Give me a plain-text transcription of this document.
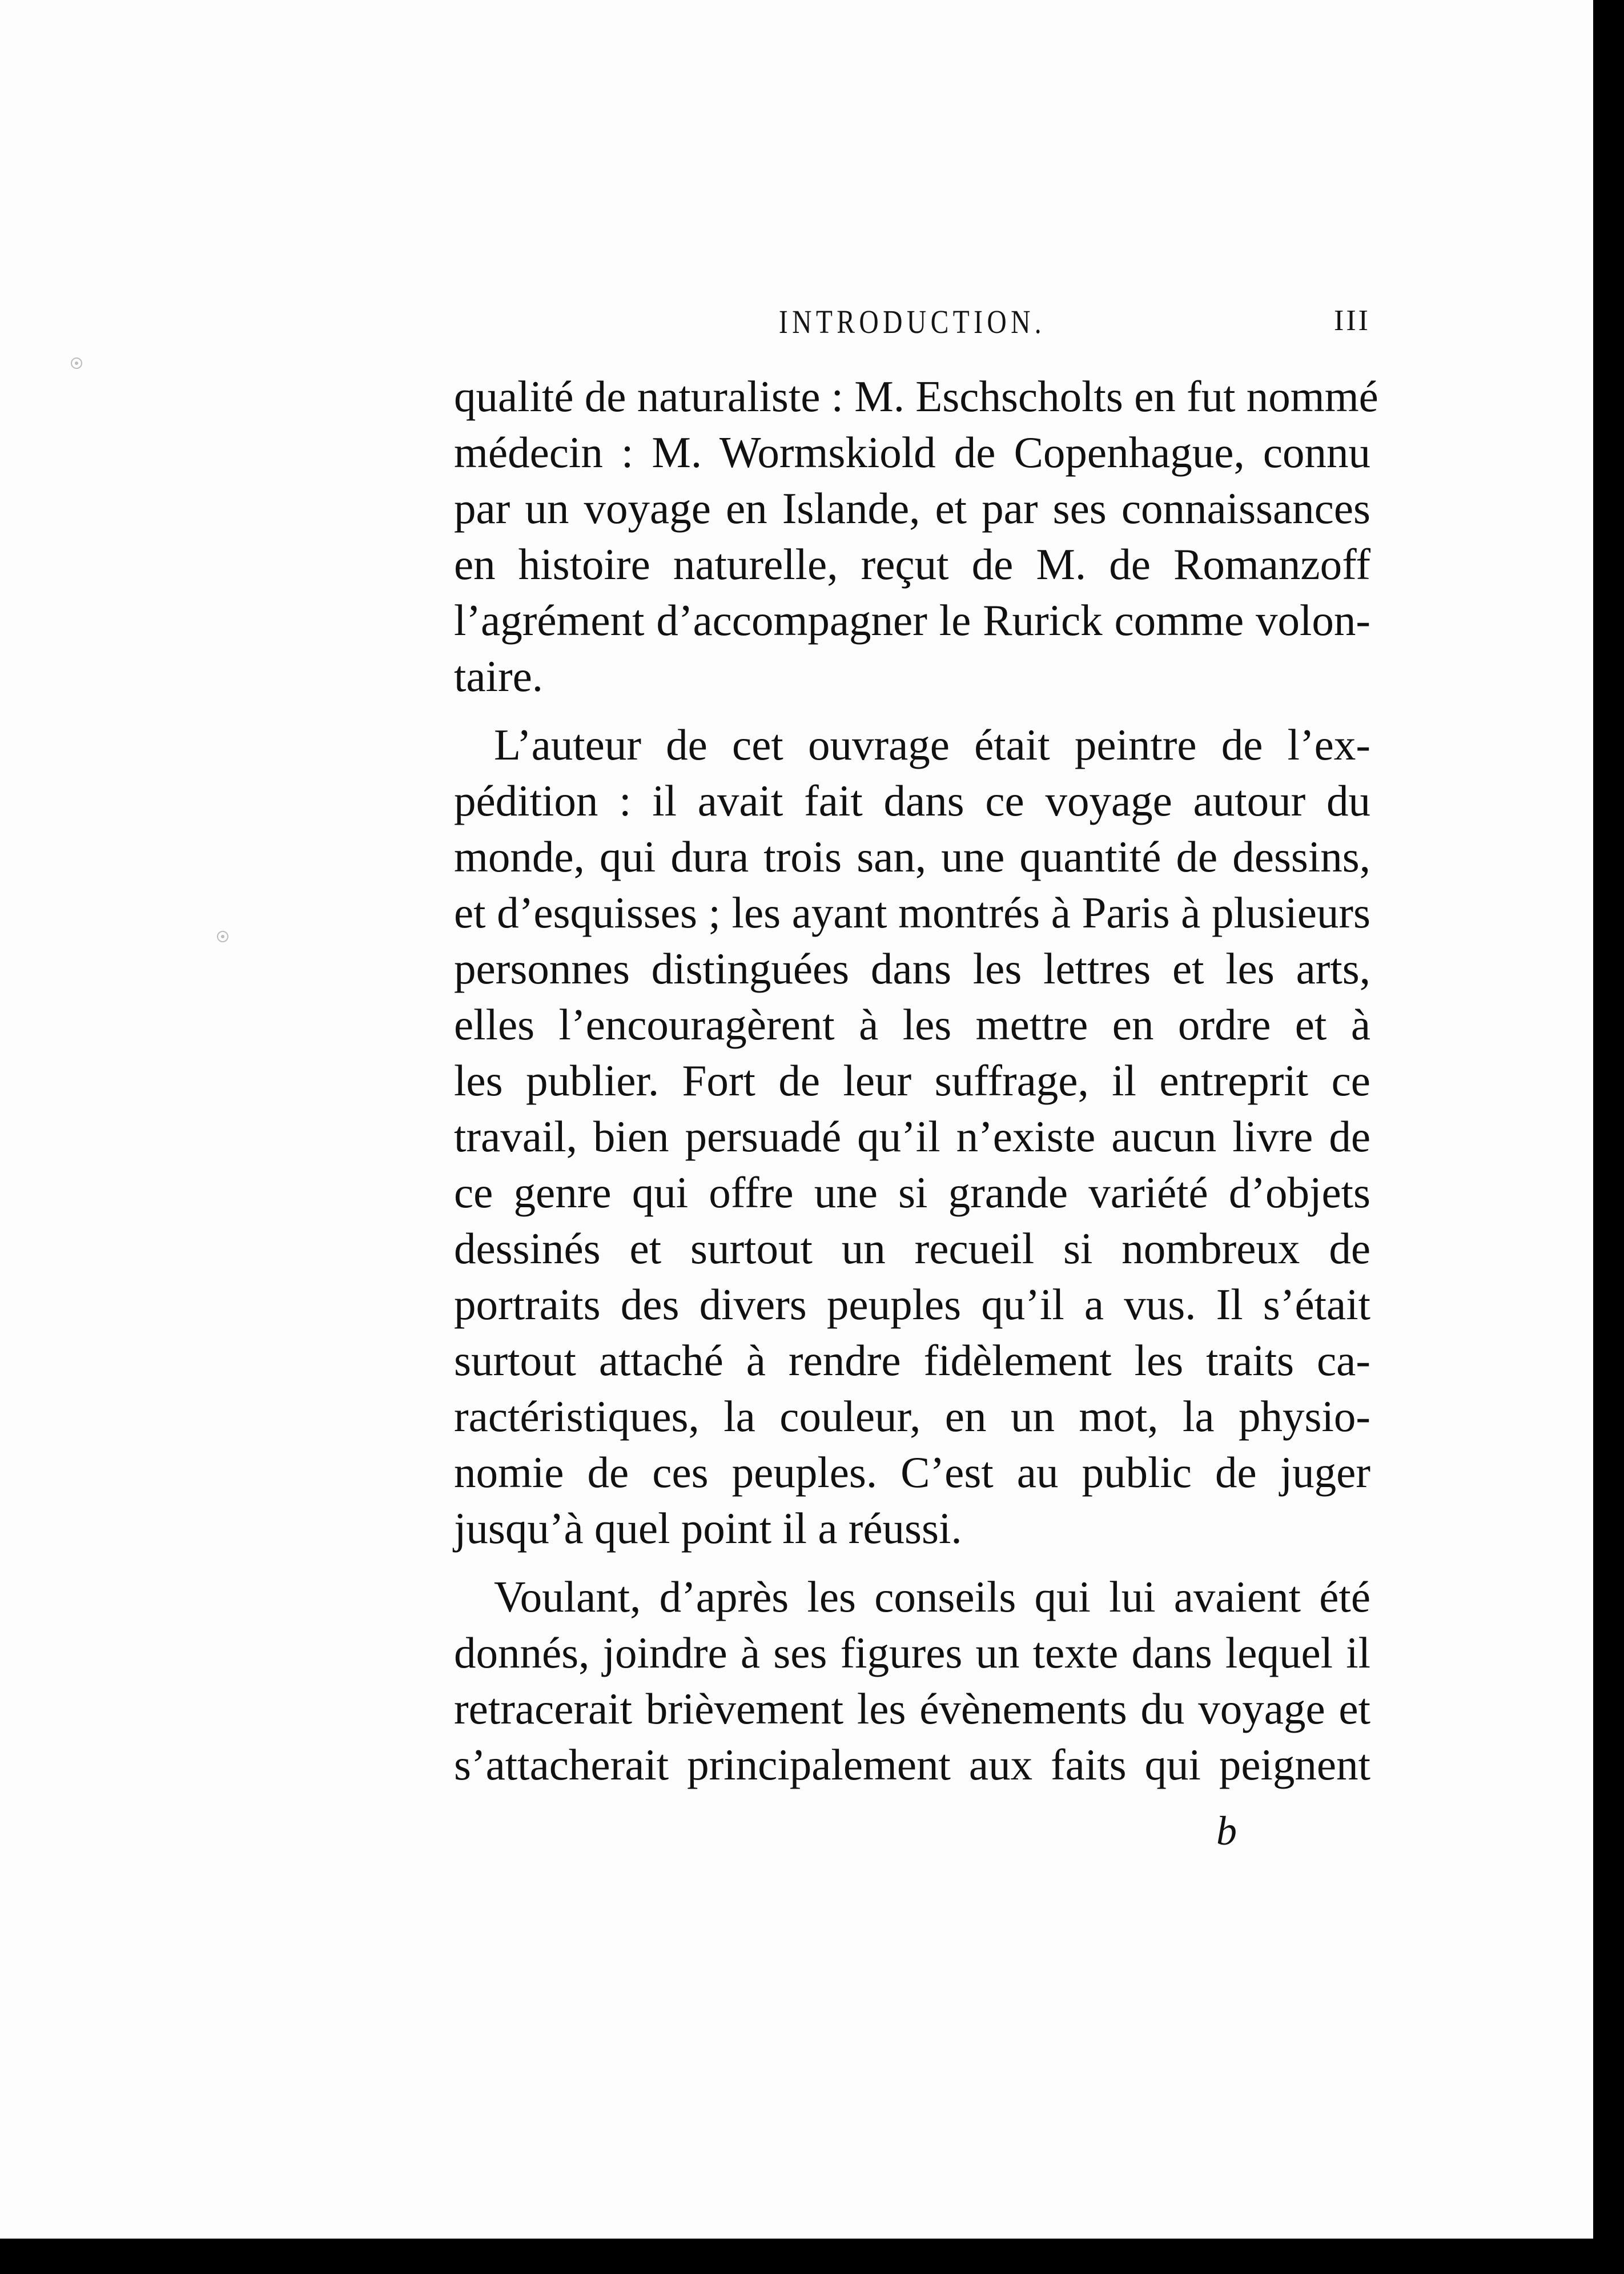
INTRODUCTION.	III
qualité de naturaliste : M. Eschscholts en fut nommé
médecin : M. Wormskiold de Copenhague, connu
par un voyage en Islande, et par ses connaissances
en histoire naturelle, reçut de M. de Romanzoff
l’agrément d’accompagner le Rurick comme volon-
taire.
L’auteur de cet ouvrage était peintre de l’ex-
pédition : il avait fait dans ce voyage autour du
monde, qui dura trois san, une quantité de dessins,
et d’esquisses ; les ayant montrés à Paris à plusieurs
personnes distinguées dans les lettres et les arts,
elles l’encouragèrent à les mettre en ordre et à
les publier. Fort de leur suffrage, il entreprit ce
travail, bien persuadé qu’il n’existe aucun livre de
ce genre qui offre une si grande variété d’objets
dessinés et surtout un recueil si nombreux de
portraits des divers peuples qu’il a vus. Il s’était
surtout attaché à rendre fidèlement les traits ca-
ractéristiques, la couleur, en un mot, la physio-
nomie de ces peuples. C’est au public de juger
jusqu’à quel point il a réussi.
Voulant, d’après les conseils qui lui avaient été
donnés, joindre à ses figures un texte dans lequel il
retracerait brièvement les évènements du voyage et
s’attacherait principalement aux faits qui peignent
b
